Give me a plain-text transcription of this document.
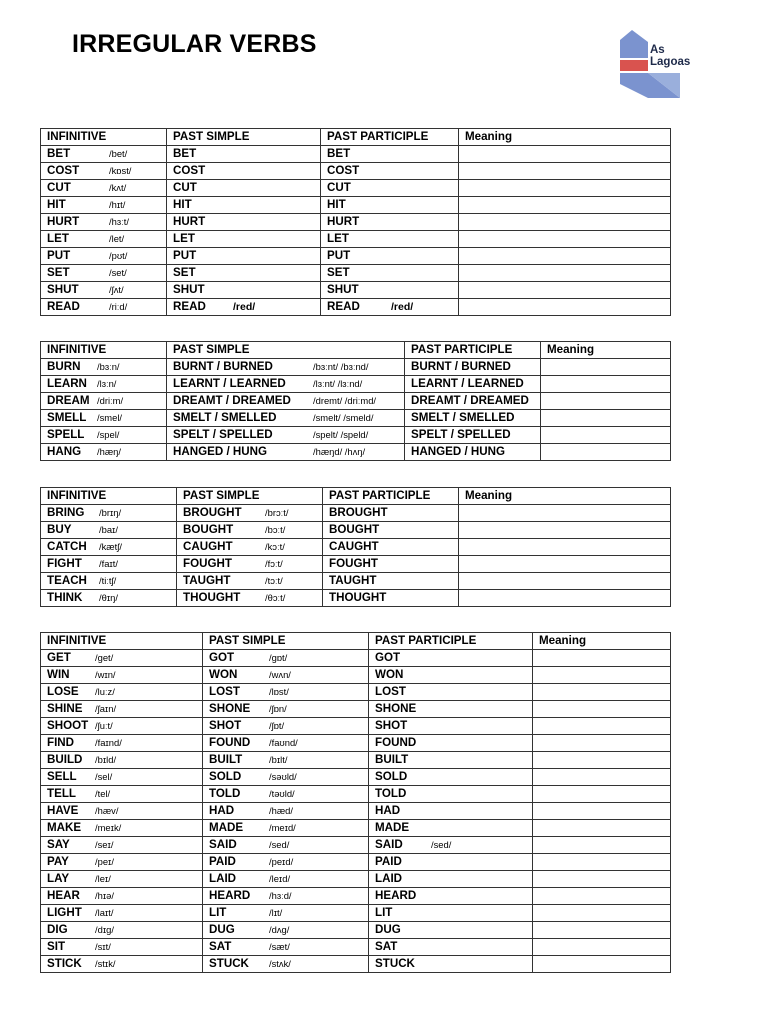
IRREGULAR VERBS	As
Lagoas
INFINITIVE	PAST SIMPLE	PAST PARTICIPLE	Meaning
BET /bet/	BET	BET	
COST /kɒst/	COST	COST	
CUT /kʌt/	CUT	CUT	
HIT /hɪt/	HIT	HIT	
HURT /hɜːt/	HURT	HURT	
LET /let/	LET	LET	
PUT /pʊt/	PUT	PUT	
SET /set/	SET	SET	
SHUT /ʃʌt/	SHUT	SHUT	
READ /riːd/	READ /red/	READ /red/	
INFINITIVE	PAST SIMPLE	PAST PARTICIPLE	Meaning
BURN /bɜːn/	BURNT / BURNED /bɜːnt/ /bɜːnd/	BURNT / BURNED	
LEARN /lɜːn/	LEARNT / LEARNED /lɜːnt/ /lɜːnd/	LEARNT / LEARNED	
DREAM /driːm/	DREAMT / DREAMED /dremt/ /driːmd/	DREAMT / DREAMED	
SMELL /smel/	SMELT / SMELLED /smelt/ /smeld/	SMELT / SMELLED	
SPELL /spel/	SPELT / SPELLED /spelt/ /speld/	SPELT / SPELLED	
HANG /hæŋ/	HANGED / HUNG /hæŋd/ /hʌŋ/	HANGED / HUNG	
INFINITIVE	PAST SIMPLE	PAST PARTICIPLE	Meaning
BRING /brɪŋ/	BROUGHT /brɔːt/	BROUGHT	
BUY /baɪ/	BOUGHT /bɔːt/	BOUGHT	
CATCH /kætʃ/	CAUGHT /kɔːt/	CAUGHT	
FIGHT /faɪt/	FOUGHT /fɔːt/	FOUGHT	
TEACH /tiːtʃ/	TAUGHT /tɔːt/	TAUGHT	
THINK /θɪŋ/	THOUGHT /θɔːt/	THOUGHT	
INFINITIVE	PAST SIMPLE	PAST PARTICIPLE	Meaning
GET /get/	GOT /gɒt/	GOT	
WIN /wɪn/	WON /wʌn/	WON	
LOSE /luːz/	LOST /lɒst/	LOST	
SHINE /ʃaɪn/	SHONE /ʃɒn/	SHONE	
SHOOT /ʃuːt/	SHOT /ʃɒt/	SHOT	
FIND /faɪnd/	FOUND /faʊnd/	FOUND	
BUILD /bɪld/	BUILT /bɪlt/	BUILT	
SELL /sel/	SOLD /səʊld/	SOLD	
TELL /tel/	TOLD /təʊld/	TOLD	
HAVE /hæv/	HAD /hæd/	HAD	
MAKE /meɪk/	MADE /meɪd/	MADE	
SAY /seɪ/	SAID /sed/	SAID /sed/	
PAY /peɪ/	PAID /peɪd/	PAID	
LAY /leɪ/	LAID /leɪd/	LAID	
HEAR /hɪə/	HEARD /hɜːd/	HEARD	
LIGHT /laɪt/	LIT /lɪt/	LIT	
DIG /dɪg/	DUG /dʌg/	DUG	
SIT /sɪt/	SAT /sæt/	SAT	
STICK /stɪk/	STUCK /stʌk/	STUCK	
